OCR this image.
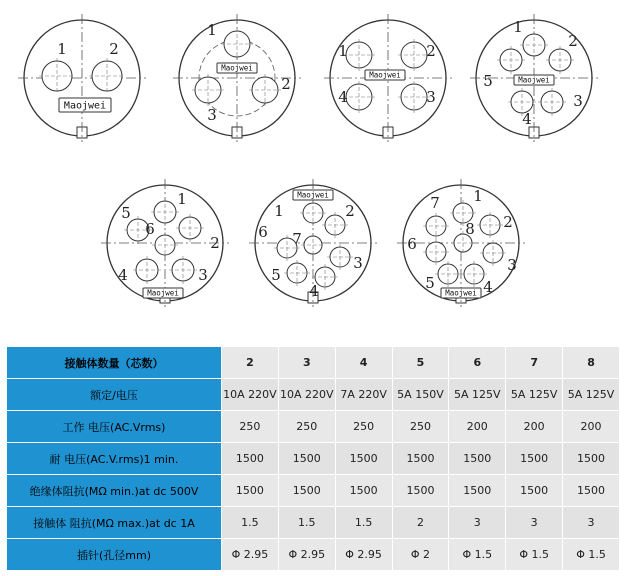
1	2
Maojwei
1
2
3
Maojwei
1	2
3
4
Maojwei
1
2
3
4
5	Maojwei
1
2
3
4
5
6
Maojwei
1	2
3
4
5
6 7
Maojwei	1
2
3
4
5
6
7
8
Maojwei
接触体数量（芯数）	2	3	4	5	6	7	8
额定/电压	10A 220V	10A 220V	7A 220V	5A 150V	5A 125V	5A 125V	5A 125V
工作 电压(AC.Vrms)	250	250	250	250	200	200	200
耐 电压(AC.V.rms)1 min.	1500	1500	1500	1500	1500	1500	1500
绝缘体阻抗(MΩ min.)at dc 500V	1500	1500	1500	1500	1500	1500	1500
接触体 阻抗(MΩ max.)at dc 1A	1.5	1.5	1.5	2	3	3	3
插针(孔径mm)	Φ 2.95	Φ 2.95	Φ 2.95	Φ 2	Φ 1.5	Φ 1.5	Φ 1.5
